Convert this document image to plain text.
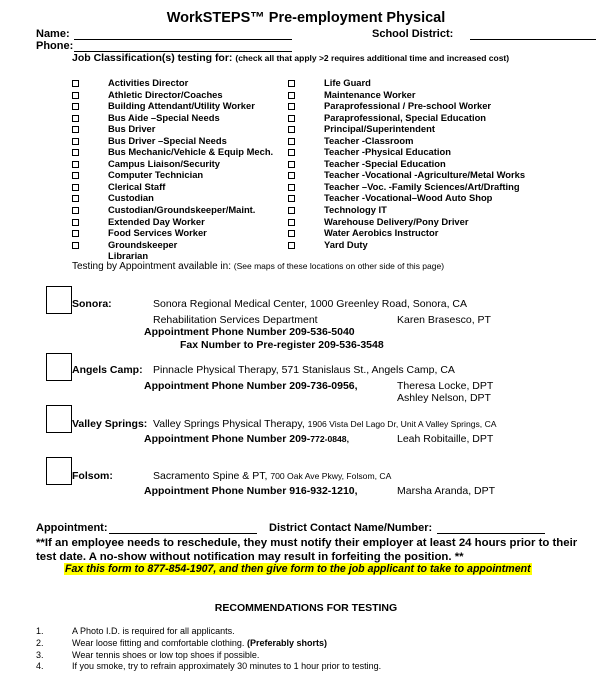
WorkSTEPS™ Pre-employment Physical
Name:	School District:
Phone:
Job Classification(s) testing for: (check all that apply >2 requires additional time and increased cost)
Activities Director
Athletic Director/Coaches
Building Attendant/Utility Worker
Bus Aide –Special Needs
Bus Driver
Bus Driver –Special Needs
Bus Mechanic/Vehicle & Equip Mech.
Campus Liaison/Security
Computer Technician
Clerical Staff
Custodian
Custodian/Groundskeeper/Maint.
Extended Day Worker
Food Services Worker
Groundskeeper
Librarian
Life Guard
Maintenance Worker
Paraprofessional / Pre-school Worker
Paraprofessional, Special Education
Principal/Superintendent
Teacher -Classroom
Teacher -Physical Education
Teacher -Special Education
Teacher -Vocational -Agriculture/Metal Works
Teacher –Voc. -Family Sciences/Art/Drafting
Teacher -Vocational–Wood Auto Shop
Technology IT
Warehouse Delivery/Pony Driver
Water Aerobics Instructor
Yard Duty
Testing by Appointment available in: (See maps of these locations on other side of this page)
Sonora:	Sonora Regional Medical Center, 1000 Greenley Road, Sonora, CA
Rehabilitation Services Department	Karen Brasesco, PT
Appointment Phone Number 209-536-5040
Fax Number to Pre-register 209-536-3548
Angels Camp: Pinnacle Physical Therapy, 571 Stanislaus St., Angels Camp, CA
Appointment Phone Number 209-736-0956,	Theresa Locke, DPT
Ashley Nelson, DPT
Valley Springs: Valley Springs Physical Therapy, 1906 Vista Del Lago Dr, Unit A Valley Springs, CA
Appointment Phone Number 209-772-0848,	Leah Robitaille, DPT
Folsom:	Sacramento Spine & PT, 700 Oak Ave Pkwy, Folsom, CA
Appointment Phone Number 916-932-1210,	Marsha Aranda, DPT
Appointment:	District Contact Name/Number:
**If an employee needs to reschedule, they must notify their employer at least 24 hours prior to their test date. A no-show without notification may result in forfeiting the position. **
Fax this form to 877-854-1907, and then give form to the job applicant to take to appointment
RECOMMENDATIONS FOR TESTING
1.	A Photo I.D. is required for all applicants.
2.	Wear loose fitting and comfortable clothing. (Preferably shorts)
3.	Wear tennis shoes or low top shoes if possible.
4.	If you smoke, try to refrain approximately 30 minutes to 1 hour prior to testing.
